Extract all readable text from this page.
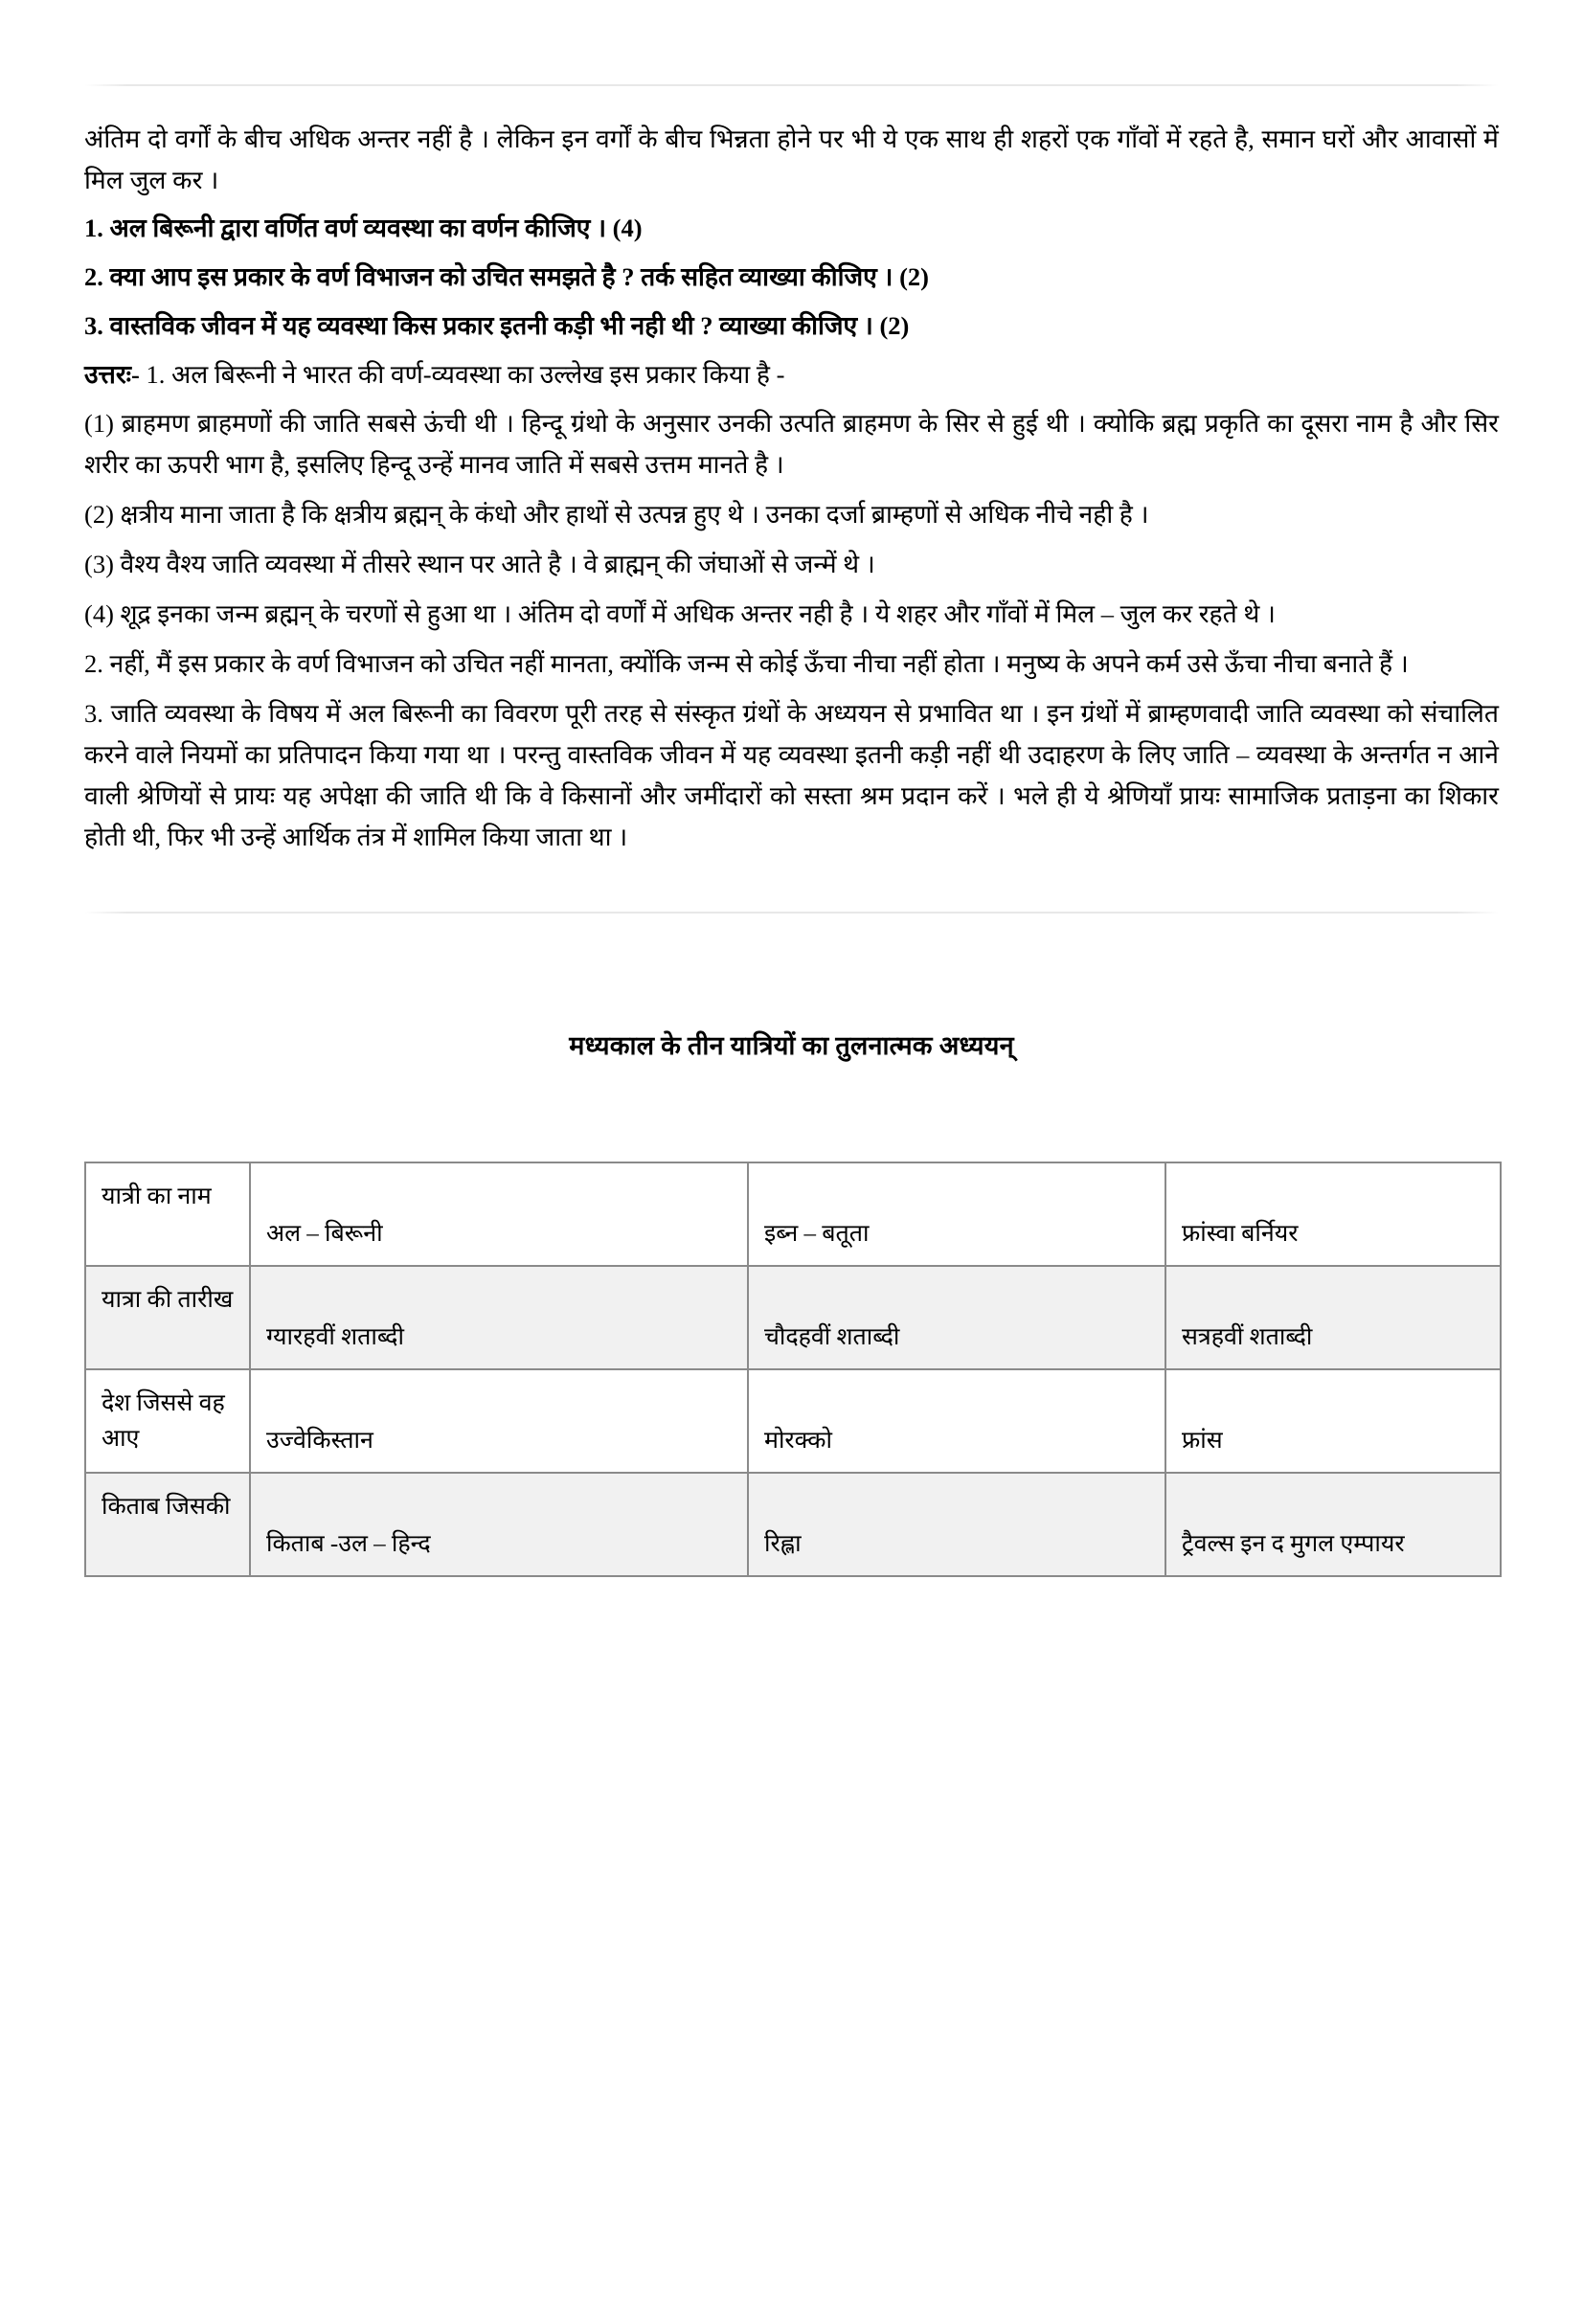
अंतिम दो वर्गों के बीच अधिक अन्तर नहीं है । लेकिन इन वर्गों के बीच भिन्नता होने पर भी ये एक साथ ही शहरों एक गाँवों में रहते है, समान घरों और आवासों में मिल जुल कर ।

1. अल बिरूनी द्वारा वर्णित वर्ण व्यवस्था का वर्णन कीजिए । (4)

2. क्या आप इस प्रकार के वर्ण विभाजन को उचित समझते है ? तर्क सहित व्याख्या कीजिए । (2)

3. वास्तविक जीवन में यह व्यवस्था किस प्रकार इतनी कड़ी भी नही थी ? व्याख्या कीजिए । (2)

उत्तरः- 1. अल बिरूनी ने भारत की वर्ण-व्यवस्था का उल्लेख इस प्रकार किया है -

(1) ब्राहमण ब्राहमणों की जाति सबसे ऊंची थी । हिन्दू ग्रंथो के अनुसार उनकी उत्पति ब्राहमण के सिर से हुई थी । क्योकि ब्रह्म प्रकृति का दूसरा नाम है और सिर शरीर का ऊपरी भाग है, इसलिए हिन्दू उन्हें मानव जाति में सबसे उत्तम मानते है ।

(2) क्षत्रीय माना जाता है कि क्षत्रीय ब्रह्मन् के कंधो और हाथों से उत्पन्न हुए थे । उनका दर्जा ब्राम्हणों से अधिक नीचे नही है ।

(3) वैश्य वैश्य जाति व्यवस्था में तीसरे स्थान पर आते है । वे ब्राह्मन् की जंघाओं से जन्में थे ।

(4) शूद्र इनका जन्म ब्रह्मन् के चरणों से हुआ था । अंतिम दो वर्णों में अधिक अन्तर नही है । ये शहर और गाँवों में मिल – जुल कर रहते थे ।

2. नहीं, मैं इस प्रकार के वर्ण विभाजन को उचित नहीं मानता, क्योंकि जन्म से कोई ऊँचा नीचा नहीं होता । मनुष्य के अपने कर्म उसे ऊँचा नीचा बनाते हैं ।

3. जाति व्यवस्था के विषय में अल बिरूनी का विवरण पूरी तरह से संस्कृत ग्रंथों के अध्ययन से प्रभावित था । इन ग्रंथों में ब्राम्हणवादी जाति व्यवस्था को संचालित करने वाले नियमों का प्रतिपादन किया गया था । परन्तु वास्तविक जीवन में यह व्यवस्था इतनी कड़ी नहीं थी उदाहरण के लिए जाति – व्यवस्था के अन्तर्गत न आने वाली श्रेणियों से प्रायः यह अपेक्षा की जाति थी कि वे किसानों और जमींदारों को सस्ता श्रम प्रदान करें । भले ही ये श्रेणियाँ प्रायः सामाजिक प्रताड़ना का शिकार होती थी, फिर भी उन्हें आर्थिक तंत्र में शामिल किया जाता था ।

मध्यकाल के तीन यात्रियों का तुलनात्मक अध्ययन्

यात्री का नाम	अल – बिरूनी	इब्न – बतूता	फ्रांस्वा बर्नियर
यात्रा की तारीख	ग्यारहवीं शताब्दी	चौदहवीं शताब्दी	सत्रहवीं शताब्दी
देश जिससे वह आए	उज्वेकिस्तान	मोरक्को	फ्रांस
किताब जिसकी	किताब -उल – हिन्द	रिह्ला	ट्रैवल्स इन द मुगल एम्पायर
